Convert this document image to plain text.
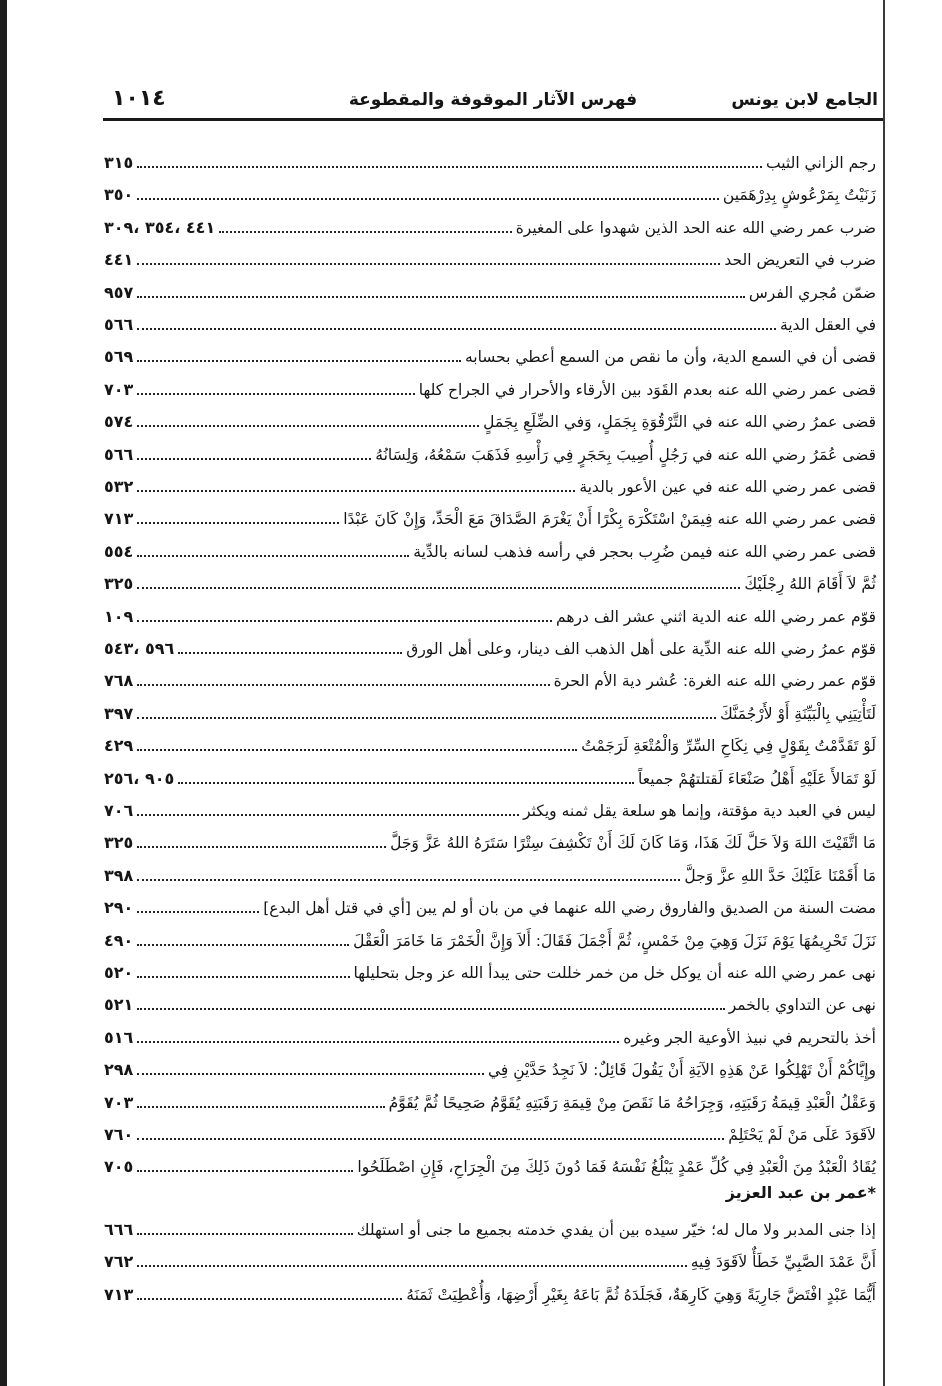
١٠١٤	فهرس الآثار الموقوفة والمقطوعة	الجامع لابن يونس
رجم الزاني الثيب
٣١٥
زَنَيْتُ بِمَرْعُوشٍ بِدِرْهَمَين
٣٥٠
ضرب عمر رضي الله عنه الحد الذين شهدوا على المغيرة
٤٤١ ،٣٥٤ ،٣٠٩
ضرب في التعريض الحد
٤٤١
ضمّن مُجري الفرس
٩٥٧
في العقل الدية
٥٦٦
قضى أن في السمع الدية، وأن ما نقص من السمع أعطي بحسابه
٥٦٩
قضى عمر رضي الله عنه بعدم القَوَد بين الأرقاء والأحرار في الجراح كلها
٧٠٣
قضى عمرُ رضي الله عنه في التَّرْقُوَةِ بِجَمَلٍ، وَفي الضِّلَعِ بِجَمَلٍ
٥٧٤
قضى عُمَرُ رضي الله عنه في رَجُلٍ أُصِيبَ بِحَجَرٍ فِي رَأْسِهِ فَذَهَبَ سَمْعُهُ، وَلِسَانُهُ
٥٦٦
قضى عمر رضي الله عنه في عين الأعور بالدية
٥٣٢
قضى عمر رضي الله عنه فِيمَنْ اسْتَكْرَهَ بِكْرًا أَنْ يَغْرَمَ الصَّدَاقَ مَعَ الْحَدِّ، وَإِنْ كَانَ عَبْدًا
٧١٣
قضى عمر رضي الله عنه فيمن ضُرِب بحجر في رأسه فذهب لسانه بالدِّية
٥٥٤
ثُمَّ لاَ أَقَامَ اللهُ رِجْلَيْكَ
٣٢٥
قوّم عمر رضي الله عنه الدية اثني عشر الف درهم
١٠٩
قوّم عمرُ رضي الله عنه الدِّية على أهل الذهب الف دينار، وعلى أهل الورق
٥٩٦ ،٥٤٣
قوّم عمر رضي الله عنه الغرة: عُشر دية الأم الحرة
٧٦٨
لَتَأْتِيَنِي بِالْبَيِّنَةِ أَوْ لأَرْجُمَنَّكَ
٣٩٧
لَوْ تَقَدَّمْتُ بِقَوْلٍ فِي نِكَاحِ السِّرِّ وَالْمُتْعَةِ لَرَجَمْتُ
٤٢٩
لَوْ تَمَالأَ عَلَيْهِ أَهْلُ صَنْعَاءَ لَقتلتهُمْ جميعاً
٩٠٥ ،٢٥٦
ليس في العبد دية مؤقتة، وإنما هو سلعة يقل ثمنه ويكثر
٧٠٦
مَا اتَّقَيْتَ اللهَ وَلاَ حَلَّ لَكَ هَذَا، وَمَا كَانَ لَكَ أَنْ تَكْشِفَ سِتْرًا سَتَرَهُ اللهُ عَزَّ وَجَلَّ
٣٢٥
مَا أَقَمْنَا عَلَيْكَ حَدَّ اللهِ عزَّ وَجلَّ
٣٩٨
مضت السنة من الصديق والفاروق رضي الله عنهما في من بان أو لم يبن [أي في قتل أهل البدع]
٢٩٠
نَزَلَ تَحْرِيمُهَا يَوْمَ نَزَلَ وَهِيَ مِنْ خَمْسٍ، ثُمَّ أَجْمَلَ فَقَالَ: أَلاَ وَإِنَّ الْخَمْرَ مَا خَامَرَ الْعَقْلَ
٤٩٠
نهى عمر رضي الله عنه أن يوكل خل من خمر خللت حتى يبدأ الله عز وجل بتحليلها
٥٢٠
نهى عن التداوي بالخمر
٥٢١
أخذ بالتحريم في نبيذ الأوعية الجر وغيره
٥١٦
وإِيَّاكُمْ أَنْ تَهْلِكُوا عَنْ هَذِهِ الآيَةِ أَنْ يَقُولَ قَائِلٌ: لاَ نَجِدُ حَدَّيْنِ فِي
٢٩٨
وَعَقْلُ الْعَبْدِ قِيمَةُ رَقَبَتِهِ، وَجِرَاحُهُ مَا نَقَصَ مِنْ قِيمَةِ رَقَبَتِهِ يُقَوَّمُ صَحِيحًا ثُمَّ يُقَوَّمُ
٧٠٣
لاَقَوَدَ عَلَى مَنْ لَمْ يَحْتَلِمْ
٧٦٠
يُقَادُ الْعَبْدُ مِنَ الْعَبْدِ فِي كُلِّ عَمْدٍ يَبْلُغُ نَفْسَهُ فَمَا دُونَ ذَلِكَ مِنَ الْجِرَاحِ، فَإِنِ اصْطَلَحُوا
٧٠٥
*عمر بن عبد العزيز
إذا جنى المدبر ولا مال له؛ خيّر سيده بين أن يفدي خدمته بجميع ما جنى أو استهلك
٦٦٦
أَنَّ عَمْدَ الصَّبِيِّ خَطَأٌ لاَقَوَدَ فِيهِ
٧٦٢
أَيُّمَا عَبْدٍ افْتَضَّ جَارِيَةً وَهِيَ كَارِهَةٌ، فَجَلَدَهُ ثُمَّ بَاعَهُ بِغَيْرِ أَرْضِهَا، وَأُعْطِيَتْ ثَمَنَهُ
٧١٣
